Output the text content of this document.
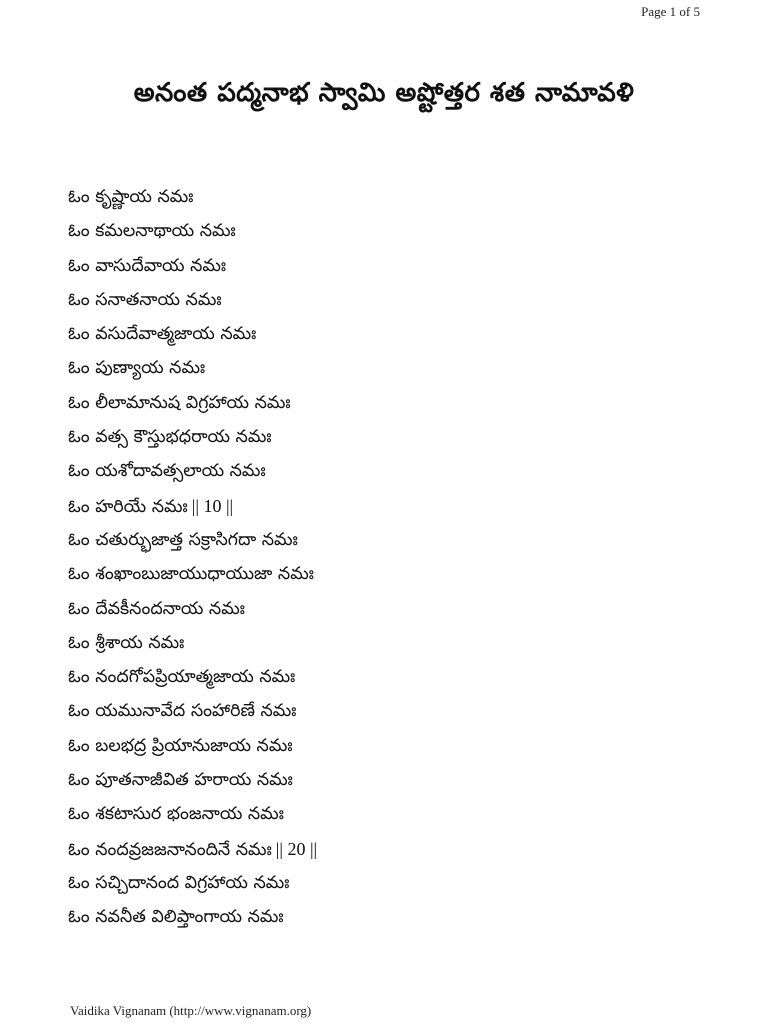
Page 1 of 5
అనంత పద్మనాభ స్వామి అష్టోత్తర శత నామావళి
ఓం కృష్ణాయ నమః
ఓం కమలనాథాయ నమః
ఓం వాసుదేవాయ నమః
ఓం సనాతనాయ నమః
ఓం వసుదేవాత్మజాయ నమః
ఓం పుణ్యాయ నమః
ఓం లీలామానుష విగ్రహాయ నమః
ఓం వత్స కౌస్తుభధరాయ నమః
ఓం యశోదావత్సలాయ నమః
ఓం హరియే నమః || 10 ||
ఓం చతుర్భుజాత్త సక్రాసిగదా నమః
ఓం శంఖాంబుజాయుధాయుజా నమః
ఓం దేవకీనందనాయ నమః
ఓం శ్రీశాయ నమః
ఓం నందగోపప్రియాత్మజాయ నమః
ఓం యమునావేద సంహారిణే నమః
ఓం బలభద్ర ప్రియానుజాయ నమః
ఓం పూతనాజీవిత హరాయ నమః
ఓం శకటాసుర భంజనాయ నమః
ఓం నందవ్రజజనానందినే నమః || 20 ||
ఓం సచ్చిదానంద విగ్రహాయ నమః
ఓం నవనీత విలిప్తాంగాయ నమః
Vaidika Vignanam (http://www.vignanam.org)
